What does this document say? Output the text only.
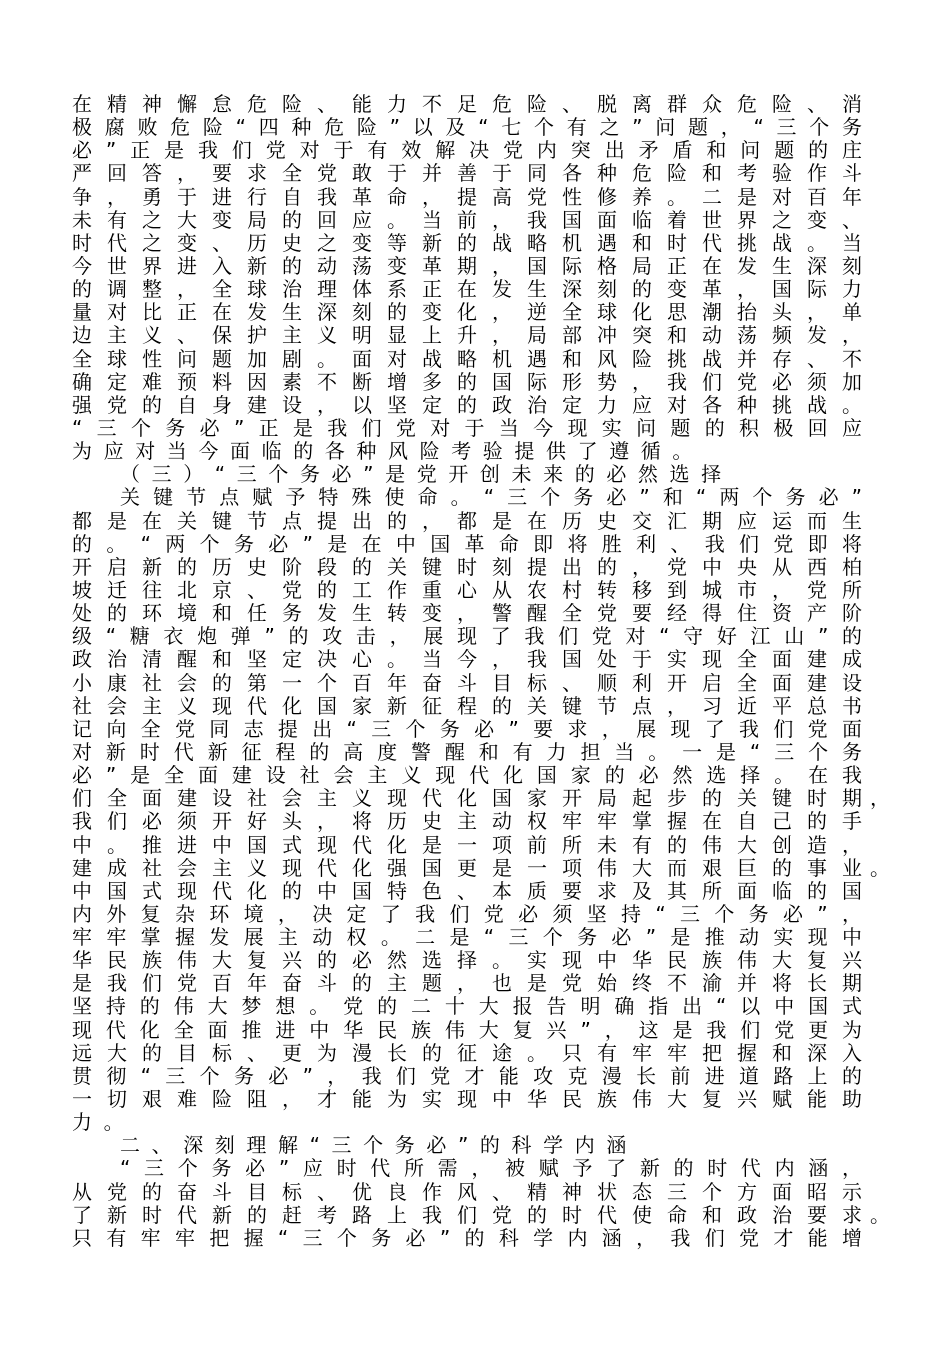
在精神懈怠危险、能力不足危险、脱离群众危险、消
极腐败危险“四种危险”以及“七个有之”问题，“三个务
必”正是我们党对于有效解决党内突出矛盾和问题的庄
严回答，要求全党敢于并善于同各种危险和考验作斗
争，勇于进行自我革命，提高党性修养。二是对百年
未有之大变局的回应。当前，我国面临着世界之变、
时代之变、历史之变等新的战略机遇和时代挑战。当
今世界进入新的动荡变革期，国际格局正在发生深刻
的调整，全球治理体系正在发生深刻的变革，国际力
量对比正在发生深刻的变化，逆全球化思潮抬头，单
边主义、保护主义明显上升，局部冲突和动荡频发，
全球性问题加剧。面对战略机遇和风险挑战并存、不
确定难预料因素不断增多的国际形势，我们党必须加
强党的自身建设，以坚定的政治定力应对各种挑战。
“三个务必”正是我们党对于当今现实问题的积极回应
为应对当今面临的各种风险考验提供了遵循。
（三）“三个务必”是党开创未来的必然选择
关键节点赋予特殊使命。“三个务必”和“两个务必”
都是在关键节点提出的，都是在历史交汇期应运而生
的。“两个务必”是在中国革命即将胜利、我们党即将
开启新的历史阶段的关键时刻提出的，党中央从西柏
坡迁往北京、党的工作重心从农村转移到城市，党所
处的环境和任务发生转变，警醒全党要经得住资产阶
级“糖衣炮弹”的攻击，展现了我们党对“守好江山”的
政治清醒和坚定决心。当今，我国处于实现全面建成
小康社会的第一个百年奋斗目标、顺利开启全面建设
社会主义现代化国家新征程的关键节点，习近平总书
记向全党同志提出“三个务必”要求，展现了我们党面
对新时代新征程的高度警醒和有力担当。一是“三个务
必”是全面建设社会主义现代化国家的必然选择。在我
们全面建设社会主义现代化国家开局起步的关键时期 ，
我们必须开好头，将历史主动权牢牢掌握在自己的手
中。推进中国式现代化是一项前所未有的伟大创造，
建成社会主义现代化强国更是一项伟大而艰巨的事业 。
中国式现代化的中国特色、本质要求及其所面临的国
内外复杂环境，决定了我们党必须坚持“三个务必”，
牢牢掌握发展主动权。二是“三个务必”是推动实现中
华民族伟大复兴的必然选择。实现中华民族伟大复兴
是我们党百年奋斗的主题，也是党始终不渝并将长期
坚持的伟大梦想。党的二十大报告明确指出“以中国式
现代化全面推进中华民族伟大复兴”，这是我们党更为
远大的目标、更为漫长的征途。只有牢牢把握和深入
贯彻“三个务必”，我们党才能攻克漫长前进道路上的
一切艰难险阻，才能为实现中华民族伟大复兴赋能助
力。
二、深刻理解“三个务必”的科学内涵
“三个务必”应时代所需，被赋予了新的时代内涵，
从党的奋斗目标、优良作风、精神状态三个方面昭示
了新时代新的赶考路上我们党的时代使命和政治要求 。
只有牢牢把握“三个务必”的科学内涵，我们党才能增
